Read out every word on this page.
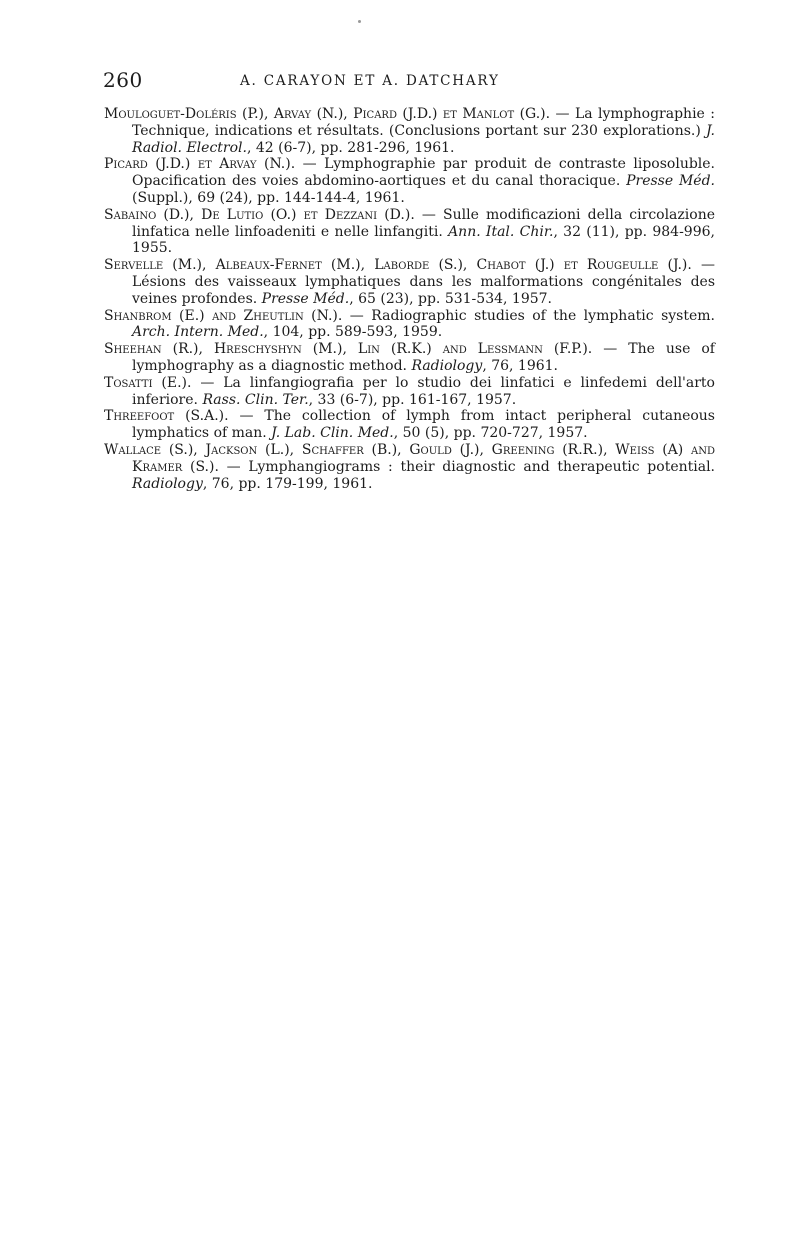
260	A. CARAYON ET A. DATCHARY
Mouloguet-Doléris (P.), Arvay (N.), Picard (J.D.) et Manlot (G.). — La lymphographie : Technique, indications et résultats. (Conclusions portant sur 230 explorations.) J. Radiol. Electrol., 42 (6-7), pp. 281-296, 1961.
Picard (J.D.) et Arvay (N.). — Lymphographie par produit de contraste liposoluble. Opacification des voies abdomino-aortiques et du canal thoracique. Presse Méd. (Suppl.), 69 (24), pp. 144-144-4, 1961.
Sabaino (D.), De Lutio (O.) et Dezzani (D.). — Sulle modificazioni della circolazione linfatica nelle linfoadeniti e nelle linfangiti. Ann. Ital. Chir., 32 (11), pp. 984-996, 1955.
Servelle (M.), Albeaux-Fernet (M.), Laborde (S.), Chabot (J.) et Rougeulle (J.). — Lésions des vaisseaux lymphatiques dans les malformations congénitales des veines profondes. Presse Méd., 65 (23), pp. 531-534, 1957.
Shanbrom (E.) and Zheutlin (N.). — Radiographic studies of the lymphatic system. Arch. Intern. Med., 104, pp. 589-593, 1959.
Sheehan (R.), Hreschyshyn (M.), Lin (R.K.) and Lessmann (F.P.). — The use of lymphography as a diagnostic method. Radiology, 76, 1961.
Tosatti (E.). — La linfangiografia per lo studio dei linfatici e linfedemi dell'arto inferiore. Rass. Clin. Ter., 33 (6-7), pp. 161-167, 1957.
Threefoot (S.A.). — The collection of lymph from intact peripheral cutaneous lymphatics of man. J. Lab. Clin. Med., 50 (5), pp. 720-727, 1957.
Wallace (S.), Jackson (L.), Schaffer (B.), Gould (J.), Greening (R.R.), Weiss (A) and Kramer (S.). — Lymphangiograms : their diagnostic and therapeutic potential. Radiology, 76, pp. 179-199, 1961.
